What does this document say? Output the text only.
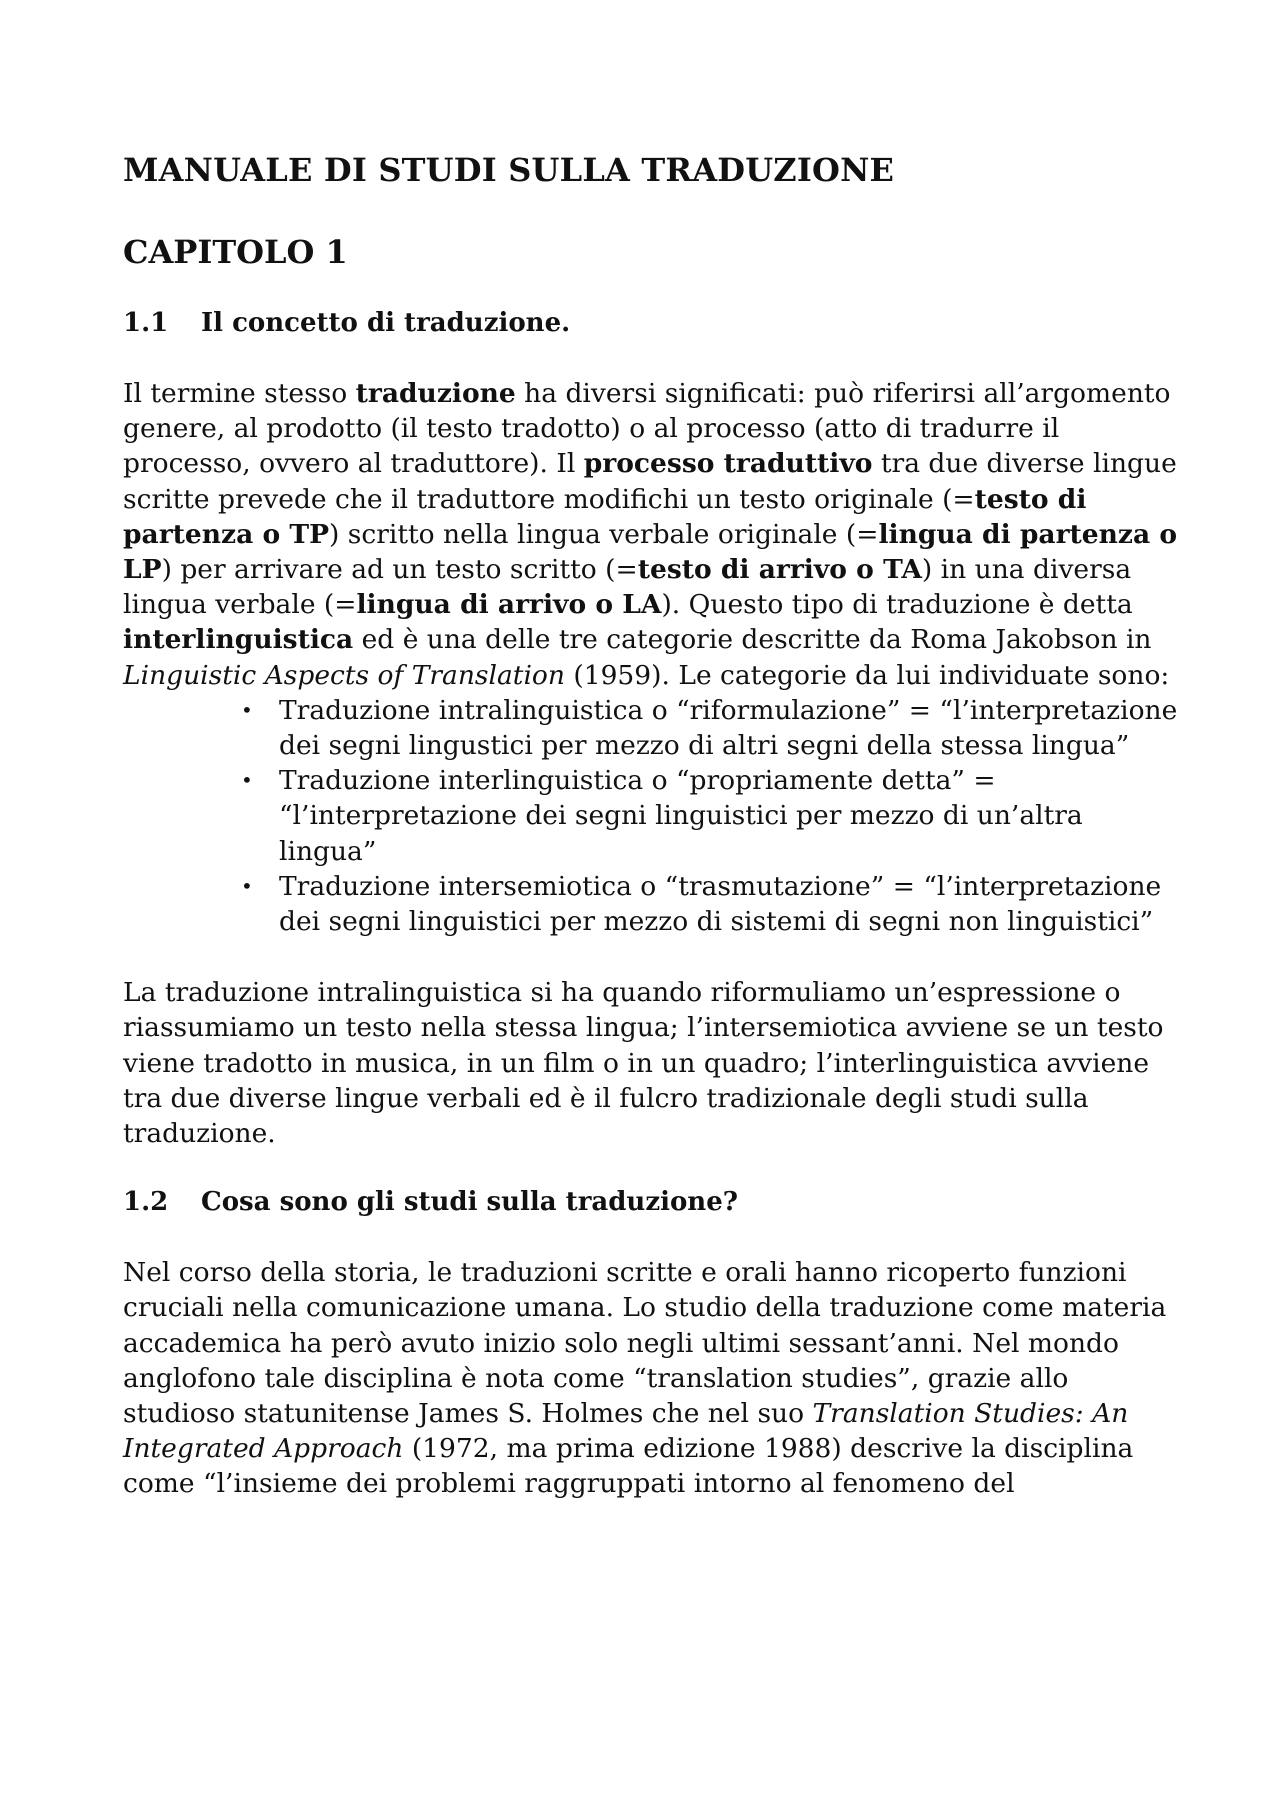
MANUALE DI STUDI SULLA TRADUZIONE
CAPITOLO 1
1.1 Il concetto di traduzione.

Il termine stesso traduzione ha diversi significati: può riferirsi all’argomento genere, al prodotto (il testo tradotto) o al processo (atto di tradurre il processo, ovvero al traduttore). Il processo traduttivo tra due diverse lingue scritte prevede che il traduttore modifichi un testo originale (=testo di partenza o TP) scritto nella lingua verbale originale (=lingua di partenza o LP) per arrivare ad un testo scritto (=testo di arrivo o TA) in una diversa lingua verbale (=lingua di arrivo o LA). Questo tipo di traduzione è detta interlinguistica ed è una delle tre categorie descritte da Roma Jakobson in Linguistic Aspects of Translation (1959). Le categorie da lui individuate sono:

• Traduzione intralinguistica o “riformulazione” = “l’interpretazione dei segni lingustici per mezzo di altri segni della stessa lingua”
• Traduzione interlinguistica o “propriamente detta” = “l’interpretazione dei segni linguistici per mezzo di un’altra lingua”
• Traduzione intersemiotica o “trasmutazione” = “l’interpretazione dei segni linguistici per mezzo di sistemi di segni non linguistici”

La traduzione intralinguistica si ha quando riformuliamo un’espressione o riassumiamo un testo nella stessa lingua; l’intersemiotica avviene se un testo viene tradotto in musica, in un film o in un quadro; l’interlinguistica avviene tra due diverse lingue verbali ed è il fulcro tradizionale degli studi sulla traduzione.

1.2 Cosa sono gli studi sulla traduzione?

Nel corso della storia, le traduzioni scritte e orali hanno ricoperto funzioni cruciali nella comunicazione umana. Lo studio della traduzione come materia accademica ha però avuto inizio solo negli ultimi sessant’anni. Nel mondo anglofono tale disciplina è nota come “translation studies”, grazie allo studioso statunitense James S. Holmes che nel suo Translation Studies: An Integrated Approach (1972, ma prima edizione 1988) descrive la disciplina come “l’insieme dei problemi raggruppati intorno al fenomeno del
